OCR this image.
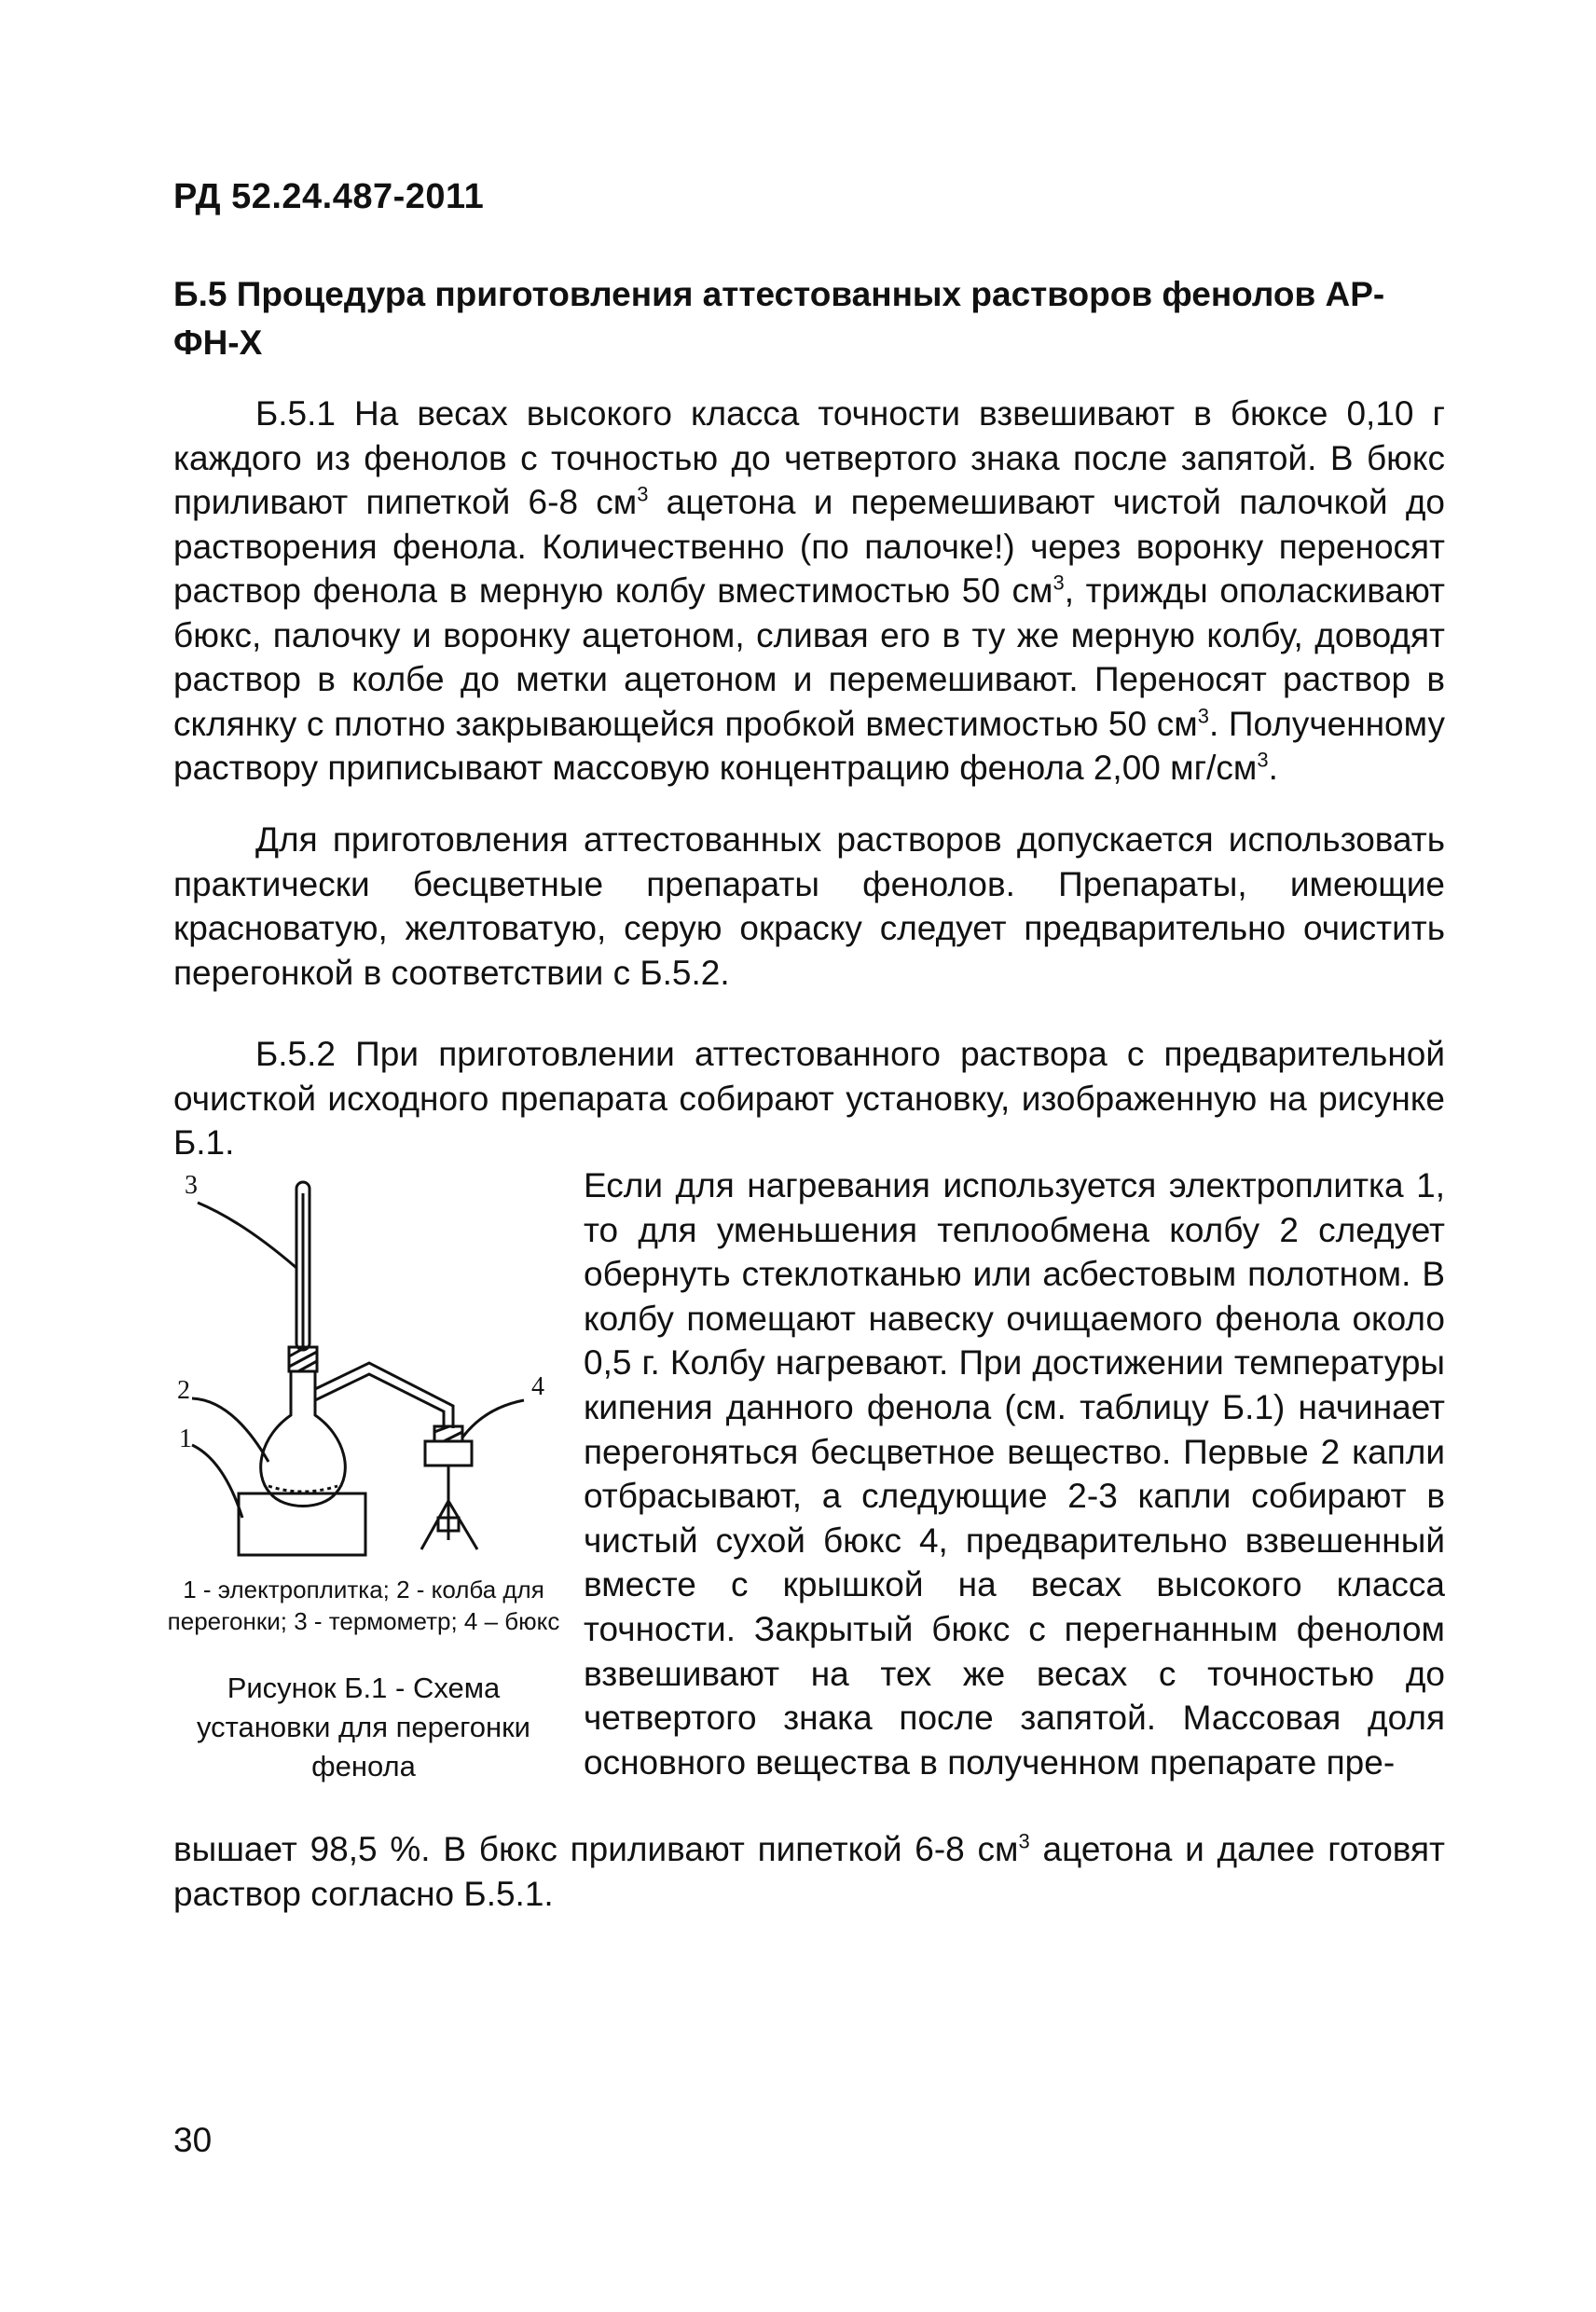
РД 52.24.487-2011
Б.5 Процедура приготовления аттестованных растворов фенолов АР-ФН-Х
Б.5.1 На весах высокого класса точности взвешивают в бюксе 0,10 г каждого из фенолов с точностью до четвертого знака после запятой. В бюкс приливают пипеткой 6-8 $см^3$ ацетона и перемешивают чистой палочкой до растворения фенола. Количественно (по палочке!) через воронку переносят раствор фенола в мерную колбу вместимостью 50 $см^3$, трижды ополаскивают бюкс, палочку и воронку ацетоном, сливая его в ту же мерную колбу, доводят раствор в колбе до метки ацетоном и перемешивают. Переносят раствор в склянку с плотно закрывающейся пробкой вместимостью 50 $см^3$. Полученному раствору приписывают массовую концентрацию фенола 2,00 $мг/см^3$.
Для приготовления аттестованных растворов допускается использовать практически бесцветные препараты фенолов. Препараты, имеющие красноватую, желтоватую, серую окраску следует предварительно очистить перегонкой в соответствии с Б.5.2.
Б.5.2 При приготовлении аттестованного раствора с предварительной очисткой исходного препарата собирают установку, изображенную на рисунке Б.1.
3
2
1
4
1 - электроплитка; 2 - колба для перегонки; 3 - термометр; 4 – бюкс
Рисунок Б.1 - Схема установки для перегонки фенола
Если для нагревания используется электроплитка 1, то для уменьшения теплообмена колбу 2 следует обернуть стеклотканью или асбестовым полотном. В колбу помещают навеску очищаемого фенола около 0,5 г. Колбу нагревают. При достижении температуры кипения данного фенола (см. таблицу Б.1) начинает перегоняться бесцветное вещество. Первые 2 капли отбрасывают, а следующие 2-3 капли собирают в чистый сухой бюкс 4, предварительно взвешенный вместе с крышкой на весах высокого класса точности. Закрытый бюкс с перегнанным фенолом взвешивают на тех же весах с точностью до четвертого знака после запятой. Массовая доля основного вещества в полученном препарате пре-
вышает 98,5 %. В бюкс приливают пипеткой 6-8 $см^3$ ацетона и далее готовят раствор согласно Б.5.1.
30
